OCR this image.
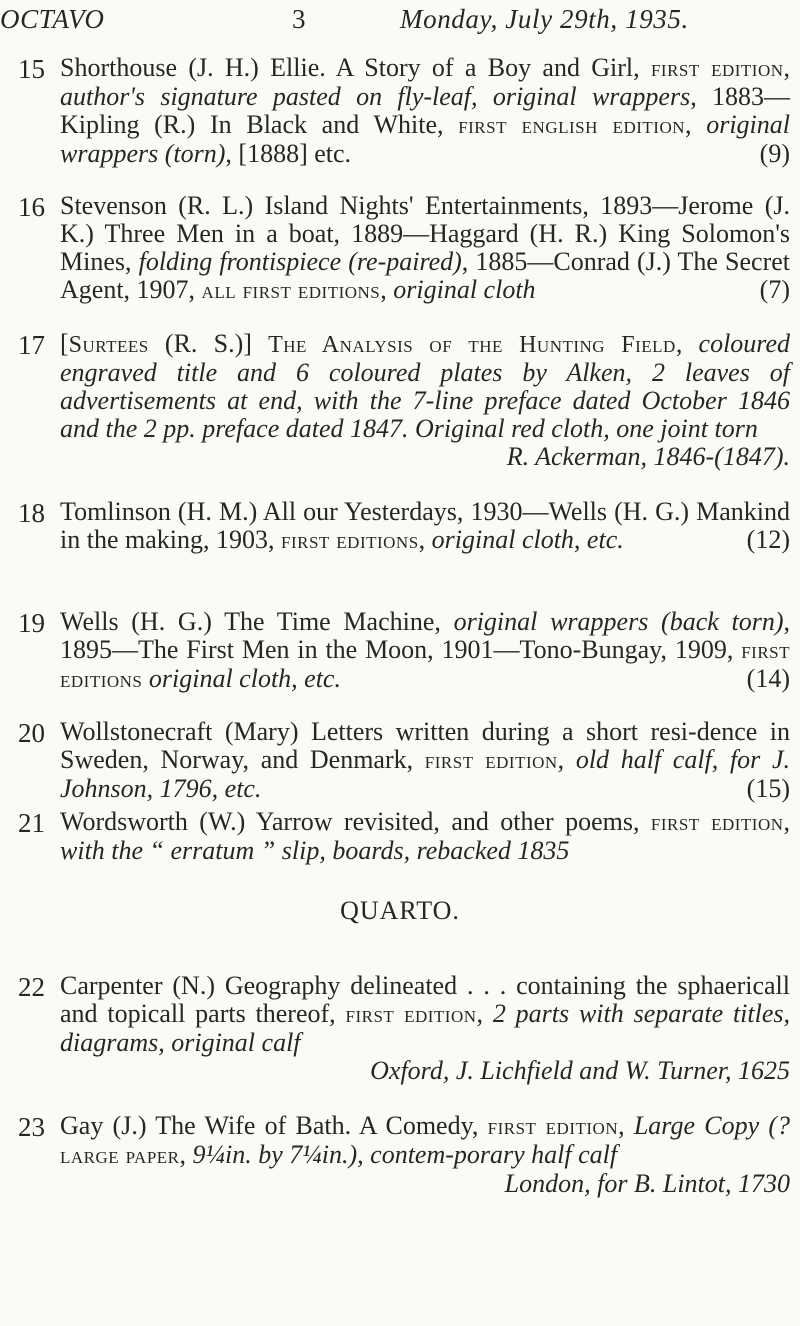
OCTAVO	3	Monday, July 29th, 1935.
15 Shorthouse (J. H.) Ellie. A Story of a Boy and Girl, first edition, author's signature pasted on fly-leaf, original wrappers, 1883—Kipling (R.) In Black and White, first english edition, original wrappers (torn), [1888] etc.	(9)
16 Stevenson (R. L.) Island Nights' Entertainments, 1893—Jerome (J. K.) Three Men in a boat, 1889—Haggard (H. R.) King Solomon's Mines, folding frontispiece (re-paired), 1885—Conrad (J.) The Secret Agent, 1907, all first editions, original cloth	(7)
17 [Surtees (R. S.)] The Analysis of the Hunting Field, coloured engraved title and 6 coloured plates by Alken, 2 leaves of advertisements at end, with the 7-line preface dated October 1846 and the 2 pp. preface dated 1847. Original red cloth, one joint torn
R. Ackerman, 1846-(1847).
18 Tomlinson (H. M.) All our Yesterdays, 1930—Wells (H. G.) Mankind in the making, 1903, first editions, original cloth, etc.	(12)
19 Wells (H. G.) The Time Machine, original wrappers (back torn), 1895—The First Men in the Moon, 1901—Tono-Bungay, 1909, first editions original cloth, etc.	(14)
20 Wollstonecraft (Mary) Letters written during a short resi-dence in Sweden, Norway, and Denmark, first edition, old half calf, for J. Johnson, 1796, etc.	(15)
21 Wordsworth (W.) Yarrow revisited, and other poems, first edition, with the “ erratum ” slip, boards, rebacked 1835
QUARTO.
22 Carpenter (N.) Geography delineated . . . containing the sphaericall and topicall parts thereof, first edition, 2 parts with separate titles, diagrams, original calf
Oxford, J. Lichfield and W. Turner, 1625
23 Gay (J.) The Wife of Bath. A Comedy, first edition, Large Copy (? large paper, 9¼in. by 7¼in.), contem-porary half calf
London, for B. Lintot, 1730
